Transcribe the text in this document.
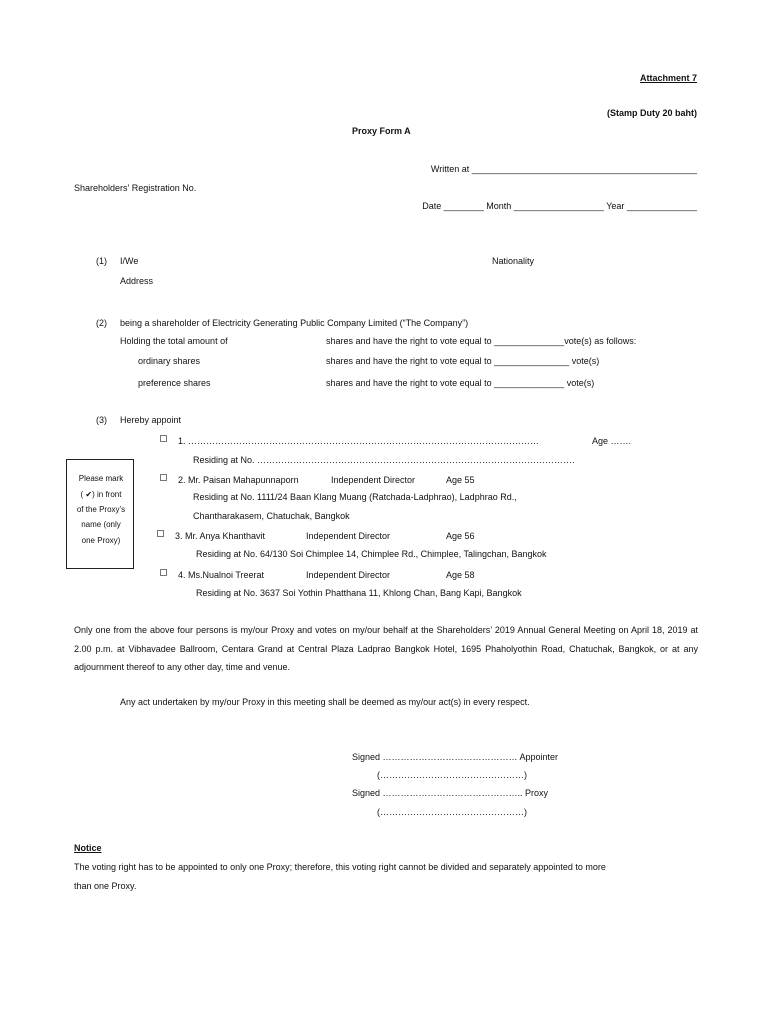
Attachment 7
(Stamp Duty 20 baht)
Proxy Form A
Written at _____________________________________________
Shareholders' Registration No.
Date ________ Month __________________ Year ______________
(1) I/We	Nationality
Address
(2) being a shareholder of Electricity Generating Public Company Limited (“The Company”)
Holding the total amount of	shares and have the right to vote equal to ______________vote(s) as follows:
ordinary shares	shares and have the right to vote equal to _______________ vote(s)
preference shares	shares and have the right to vote equal to ______________ vote(s)
(3) Hereby appoint
1. ………………………………………………………………………………………………………	Age …….
Residing at No. …………………………………………………………………………………………….
Please mark
( ✔) in front
of the Proxy’s
name (only
one Proxy)
2. Mr. Paisan Mahapunnaporn	Independent Director	Age 55
Residing at No. 1111/24 Baan Klang Muang (Ratchada-Ladphrao), Ladphrao Rd.,
Chantharakasem, Chatuchak, Bangkok
3. Mr. Anya Khanthavit	Independent Director	Age 56
Residing at No. 64/130 Soi Chimplee 14, Chimplee Rd., Chimplee, Talingchan, Bangkok
4. Ms.Nualnoi Treerat	Independent Director	Age 58
Residing at No. 3637 Soi Yothin Phatthana 11, Khlong Chan, Bang Kapi, Bangkok
Only one from the above four persons is my/our Proxy and votes on my/our behalf at the Shareholders’ 2019 Annual General Meeting on April 18, 2019 at 2.00 p.m. at Vibhavadee Ballroom, Centara Grand at Central Plaza Ladprao Bangkok Hotel, 1695 Phaholyothin Road, Chatuchak, Bangkok, or at any adjournment thereof to any other day, time and venue.
Any act undertaken by my/our Proxy in this meeting shall be deemed as my/our act(s) in every respect.
Signed ……………………………………… Appointer
(…………………………………………)
Signed ……………………………………….. Proxy
(…………………………………………)
Notice
The voting right has to be appointed to only one Proxy; therefore, this voting right cannot be divided and separately appointed to more
than one Proxy.
